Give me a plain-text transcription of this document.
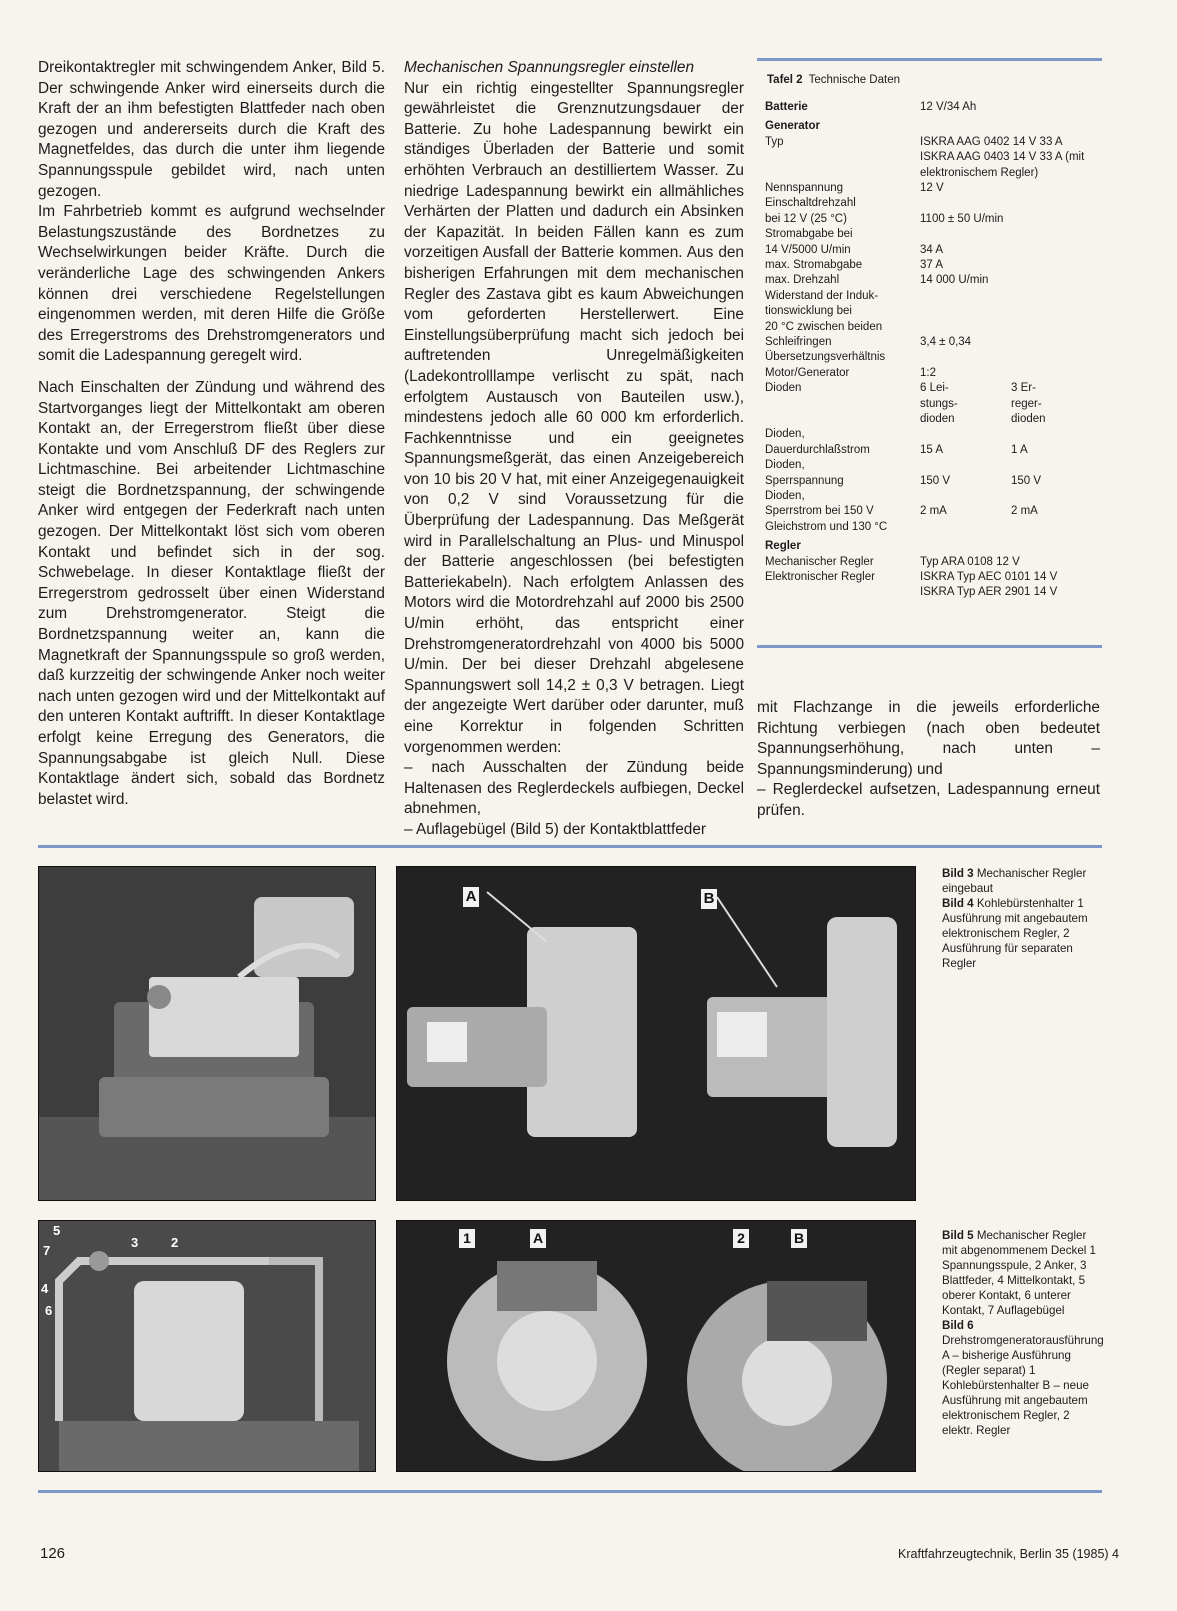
Dreikontaktregler mit schwingendem Anker, Bild 5. Der schwingende Anker wird einerseits durch die Kraft der an ihm befestigten Blattfeder nach oben gezogen und andererseits durch die Kraft des Magnetfeldes, das durch die unter ihm liegende Spannungsspule gebildet wird, nach unten gezogen.

Im Fahrbetrieb kommt es aufgrund wechselnder Belastungszustände des Bordnetzes zu Wechselwirkungen beider Kräfte. Durch die veränderliche Lage des schwingenden Ankers können drei verschiedene Regelstellungen eingenommen werden, mit deren Hilfe die Größe des Erregerstroms des Drehstromgenerators und somit die Ladespannung geregelt wird.

Nach Einschalten der Zündung und während des Startvorganges liegt der Mittelkontakt am oberen Kontakt an, der Erregerstrom fließt über diese Kontakte und vom Anschluß DF des Reglers zur Lichtmaschine. Bei arbeitender Lichtmaschine steigt die Bordnetzspannung, der schwingende Anker wird entgegen der Federkraft nach unten gezogen. Der Mittelkontakt löst sich vom oberen Kontakt und befindet sich in der sog. Schwebelage. In dieser Kontaktlage fließt der Erregerstrom gedrosselt über einen Widerstand zum Drehstromgenerator. Steigt die Bordnetzspannung weiter an, kann die Magnetkraft der Spannungsspule so groß werden, daß kurzzeitig der schwingende Anker noch weiter nach unten gezogen wird und der Mittelkontakt auf den unteren Kontakt auftrifft. In dieser Kontaktlage erfolgt keine Erregung des Generators, die Spannungsabgabe ist gleich Null. Diese Kontaktlage ändert sich, sobald das Bordnetz belastet wird.

Mechanischen Spannungsregler einstellen

Nur ein richtig eingestellter Spannungsregler gewährleistet die Grenznutzungsdauer der Batterie. Zu hohe Ladespannung bewirkt ein ständiges Überladen der Batterie und somit erhöhten Verbrauch an destilliertem Wasser. Zu niedrige Ladespannung bewirkt ein allmähliches Verhärten der Platten und dadurch ein Absinken der Kapazität. In beiden Fällen kann es zum vorzeitigen Ausfall der Batterie kommen. Aus den bisherigen Erfahrungen mit dem mechanischen Regler des Zastava gibt es kaum Abweichungen vom geforderten Herstellerwert. Eine Einstellungsüberprüfung macht sich jedoch bei auftretenden Unregelmäßigkeiten (Ladekontrolllampe verlischt zu spät, nach erfolgtem Austausch von Bauteilen usw.), mindestens jedoch alle 60 000 km erforderlich. Fachkenntnisse und ein geeignetes Spannungsmeßgerät, das einen Anzeigebereich von 10 bis 20 V hat, mit einer Anzeigegenauigkeit von 0,2 V sind Voraussetzung für die Überprüfung der Ladespannung. Das Meßgerät wird in Parallelschaltung an Plus- und Minuspol der Batterie angeschlossen (bei befestigten Batteriekabeln). Nach erfolgtem Anlassen des Motors wird die Motordrehzahl auf 2000 bis 2500 U/min erhöht, das entspricht einer Drehstromgeneratordrehzahl von 4000 bis 5000 U/min. Der bei dieser Drehzahl abgelesene Spannungswert soll 14,2 ± 0,3 V betragen. Liegt der angezeigte Wert darüber oder darunter, muß eine Korrektur in folgenden Schritten vorgenommen werden:

– nach Ausschalten der Zündung beide Haltenasen des Reglerdeckels aufbiegen, Deckel abnehmen,

– Auflagebügel (Bild 5) der Kontaktblattfeder

Tafel 2 Technische Daten
Batterie	12 V/34 Ah
Generator
Typ	ISKRA AAG 0402 14 V 33 A
ISKRA AAG 0403 14 V 33 A (mit
elektronischem Regler)
Nennspannung	12 V
Einschaltdrehzahl
bei 12 V (25 °C)	1100 ± 50 U/min
Stromabgabe bei
14 V/5000 U/min	34 A
max. Stromabgabe	37 A
max. Drehzahl	14 000 U/min
Widerstand der Induk-
tionswicklung bei
20 °C zwischen beiden
Schleifringen	3,4 ± 0,34
Übersetzungsverhältnis
Motor/Generator	1:2
Dioden	6 Lei-	3 Er-
stungs-	reger-
dioden	dioden
Dioden,
Dauerdurchlaßstrom	15 A	1 A
Dioden,
Sperrspannung	150 V	150 V
Dioden,
Sperrstrom bei 150 V	2 mA	2 mA
Gleichstrom und 130 °C
Regler
Mechanischer Regler	Typ ARA 0108 12 V
Elektronischer Regler	ISKRA Typ AEC 0101 14 V
ISKRA Typ AER 2901 14 V

mit Flachzange in die jeweils erforderliche Richtung verbiegen (nach oben bedeutet Spannungserhöhung, nach unten – Spannungsminderung) und

– Reglerdeckel aufsetzen, Ladespannung erneut prüfen.

A	B
Bild 3 Mechanischer Regler eingebaut
Bild 4 Kohlebürstenhalter 1 Ausführung mit angebautem elektronischem Regler, 2 Ausführung für separaten Regler
5
7
4
6
3	2	1	A	2	B	Bild 5 Mechanischer Regler mit abgenommenem Deckel 1 Spannungsspule, 2 Anker, 3 Blattfeder, 4 Mittelkontakt, 5 oberer Kontakt, 6 unterer Kontakt, 7 Auflagebügel
Bild 6 Drehstromgeneratorausführung A – bisherige Ausführung (Regler separat) 1 Kohlebürstenhalter B – neue Ausführung mit angebautem elektronischem Regler, 2 elektr. Regler
126	Kraftfahrzeugtechnik, Berlin 35 (1985) 4
